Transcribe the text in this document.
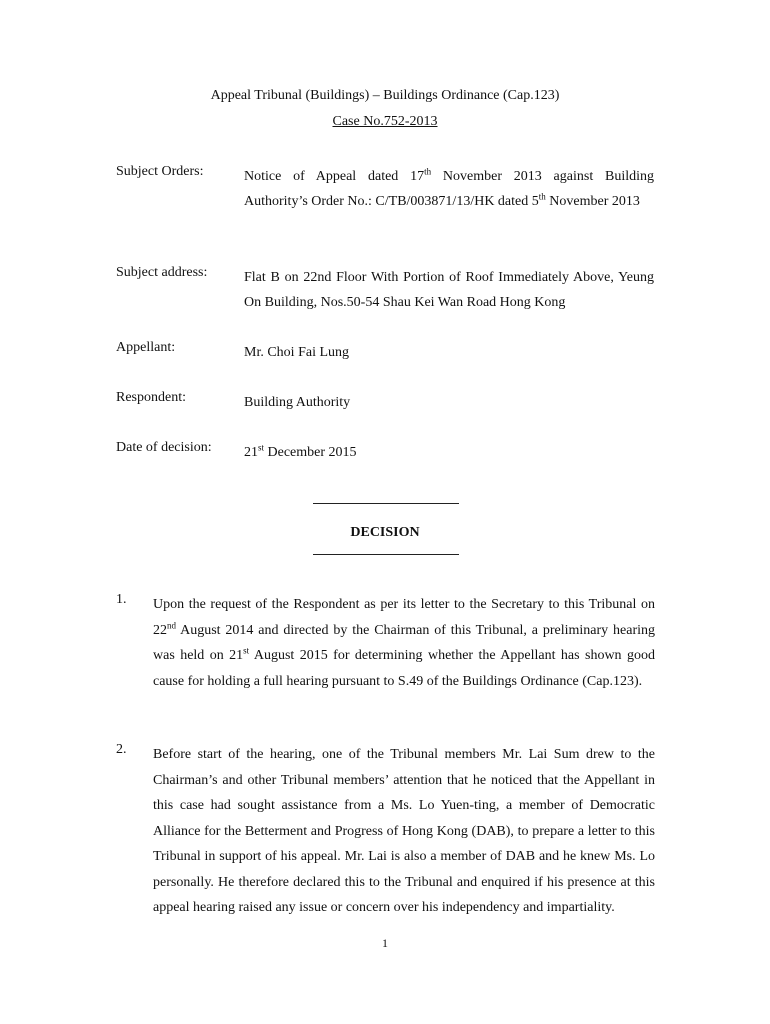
Appeal Tribunal (Buildings) – Buildings Ordinance (Cap.123)
Case No.752-2013
Subject Orders:	Notice of Appeal dated 17th November 2013 against Building Authority’s Order No.: C/TB/003871/13/HK dated 5th November 2013
Subject address:	Flat B on 22nd Floor With Portion of Roof Immediately Above, Yeung On Building, Nos.50-54 Shau Kei Wan Road Hong Kong
Appellant:	Mr. Choi Fai Lung
Respondent:	Building Authority
Date of decision: 21st December 2015
DECISION
1. Upon the request of the Respondent as per its letter to the Secretary to this Tribunal on 22nd August 2014 and directed by the Chairman of this Tribunal, a preliminary hearing was held on 21st August 2015 for determining whether the Appellant has shown good cause for holding a full hearing pursuant to S.49 of the Buildings Ordinance (Cap.123).
2. Before start of the hearing, one of the Tribunal members Mr. Lai Sum drew to the Chairman’s and other Tribunal members’ attention that he noticed that the Appellant in this case had sought assistance from a Ms. Lo Yuen-ting, a member of Democratic Alliance for the Betterment and Progress of Hong Kong (DAB), to prepare a letter to this Tribunal in support of his appeal. Mr. Lai is also a member of DAB and he knew Ms. Lo personally. He therefore declared this to the Tribunal and enquired if his presence at this appeal hearing raised any issue or concern over his independency and impartiality.
1
